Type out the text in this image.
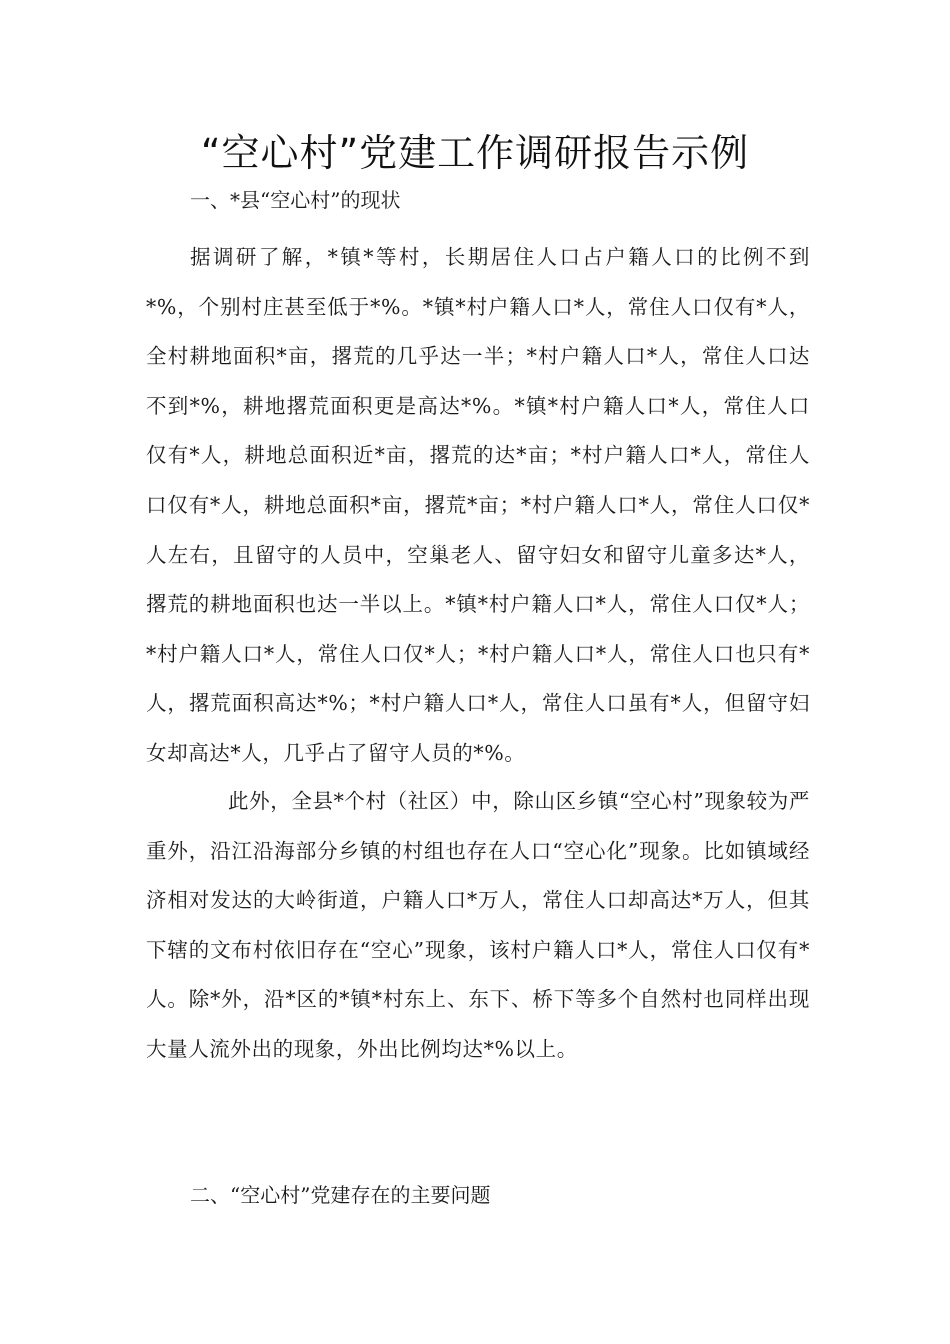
“空心村”党建工作调研报告示例
一、*县“空心村”的现状

据调研了解，*镇*等村，长期居住人口占户籍人口的比例不到*%，个别村庄甚至低于*%。*镇*村户籍人口*人，常住人口仅有*人，全村耕地面积*亩，撂荒的几乎达一半；*村户籍人口*人，常住人口达不到*%，耕地撂荒面积更是高达*%。*镇*村户籍人口*人，常住人口仅有*人，耕地总面积近*亩，撂荒的达*亩；*村户籍人口*人，常住人口仅有*人，耕地总面积*亩，撂荒*亩；*村户籍人口*人，常住人口仅*人左右，且留守的人员中，空巢老人、留守妇女和留守儿童多达*人，撂荒的耕地面积也达一半以上。*镇*村户籍人口*人，常住人口仅*人；*村户籍人口*人，常住人口仅*人；*村户籍人口*人，常住人口也只有*人，撂荒面积高达*%；*村户籍人口*人，常住人口虽有*人，但留守妇女却高达*人，几乎占了留守人员的*%。

此外，全县*个村（社区）中，除山区乡镇“空心村”现象较为严重外，沿江沿海部分乡镇的村组也存在人口“空心化”现象。比如镇域经济相对发达的大岭街道，户籍人口*万人，常住人口却高达*万人，但其下辖的文布村依旧存在“空心”现象，该村户籍人口*人，常住人口仅有*人。除*外，沿*区的*镇*村东上、东下、桥下等多个自然村也同样出现大量人流外出的现象，外出比例均达*%以上。

二、“空心村”党建存在的主要问题
